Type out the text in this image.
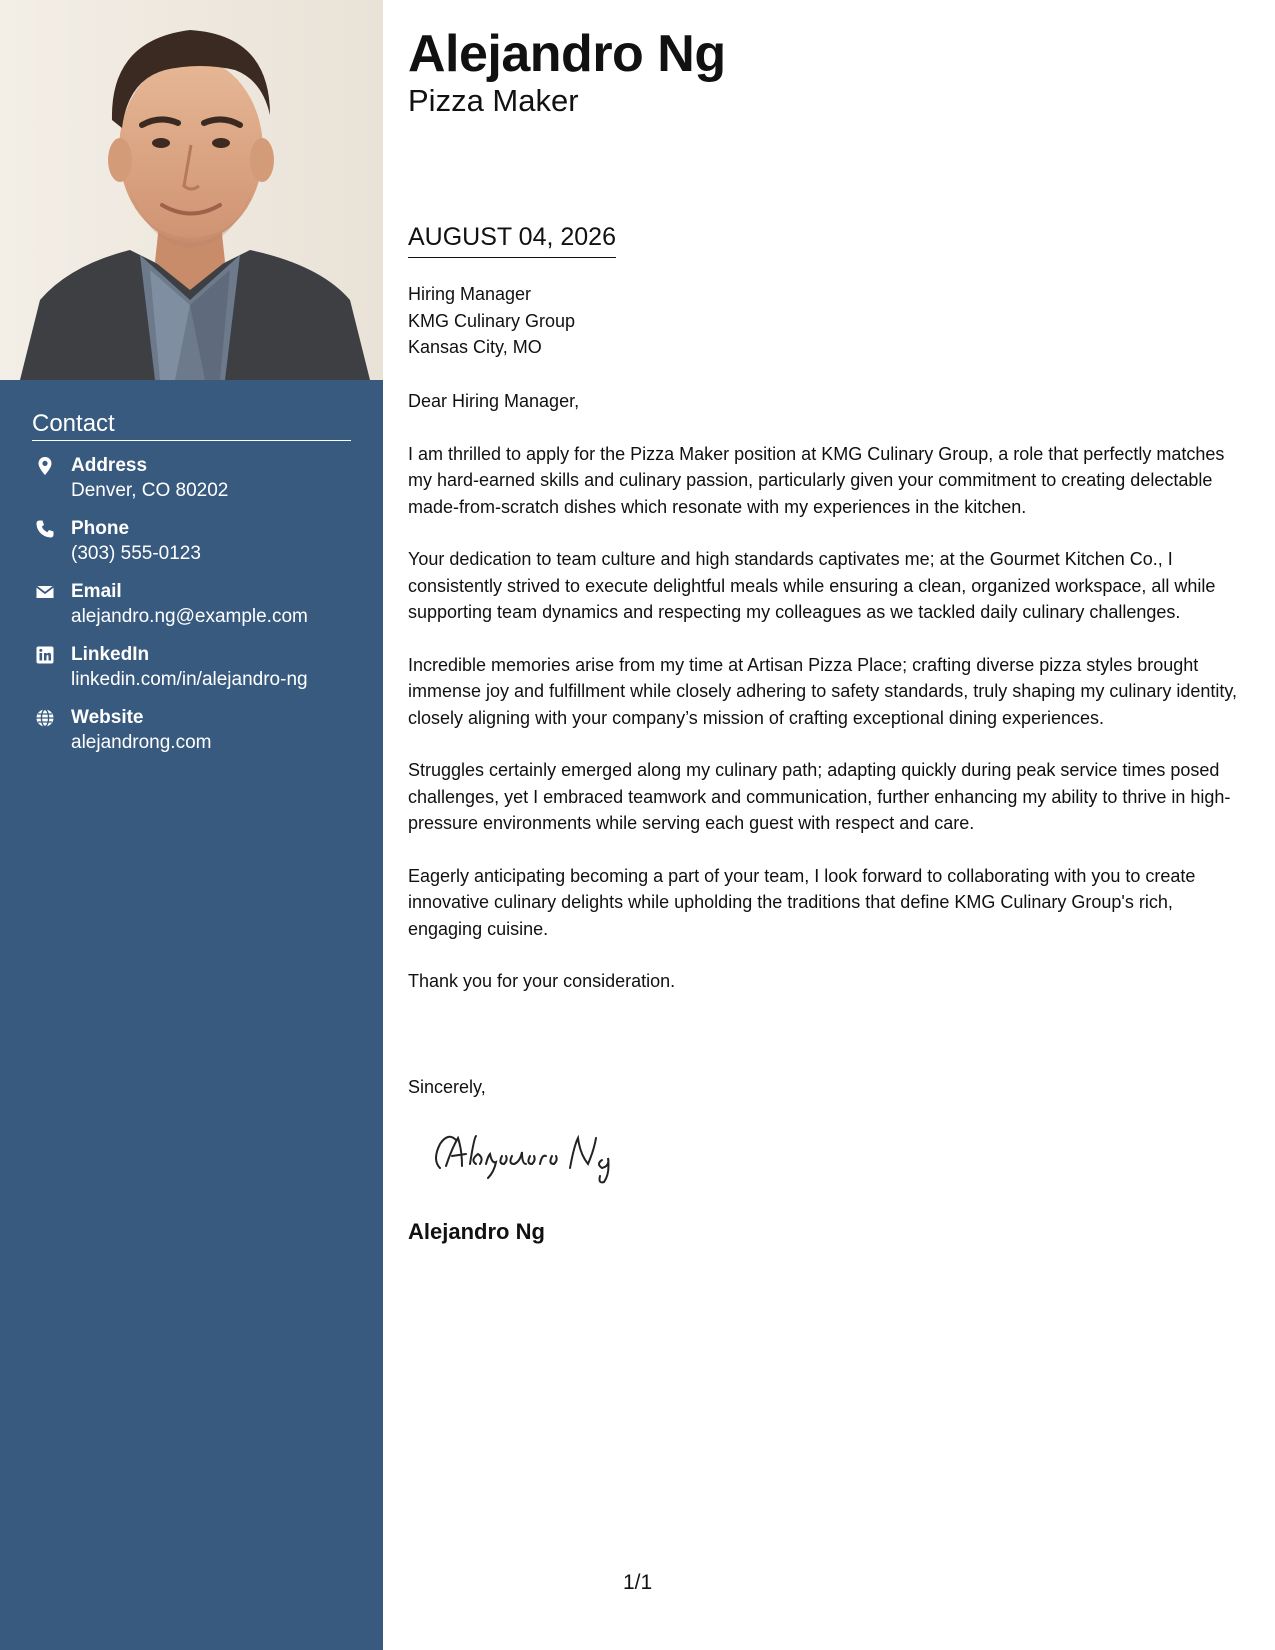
Contact
Address
Denver, CO 80202
Phone
(303) 555-0123
Email
alejandro.ng@example.com
LinkedIn
linkedin.com/in/alejandro-ng
Website
alejandrong.com
Alejandro Ng
Pizza Maker
AUGUST 04, 2026
Hiring Manager
KMG Culinary Group
Kansas City, MO

Dear Hiring Manager,

I am thrilled to apply for the Pizza Maker position at KMG Culinary Group, a role that perfectly matches my hard-earned skills and culinary passion, particularly given your commitment to creating delectable made-from-scratch dishes which resonate with my experiences in the kitchen.

Your dedication to team culture and high standards captivates me; at the Gourmet Kitchen Co., I consistently strived to execute delightful meals while ensuring a clean, organized workspace, all while supporting team dynamics and respecting my colleagues as we tackled daily culinary challenges.

Incredible memories arise from my time at Artisan Pizza Place; crafting diverse pizza styles brought immense joy and fulfillment while closely adhering to safety standards, truly shaping my culinary identity, closely aligning with your company’s mission of crafting exceptional dining experiences.

Struggles certainly emerged along my culinary path; adapting quickly during peak service times posed challenges, yet I embraced teamwork and communication, further enhancing my ability to thrive in high-pressure environments while serving each guest with respect and care.

Eagerly anticipating becoming a part of your team, I look forward to collaborating with you to create innovative culinary delights while upholding the traditions that define KMG Culinary Group's rich, engaging cuisine.

Thank you for your consideration.

Sincerely,
Alejandro Ng
1/1
